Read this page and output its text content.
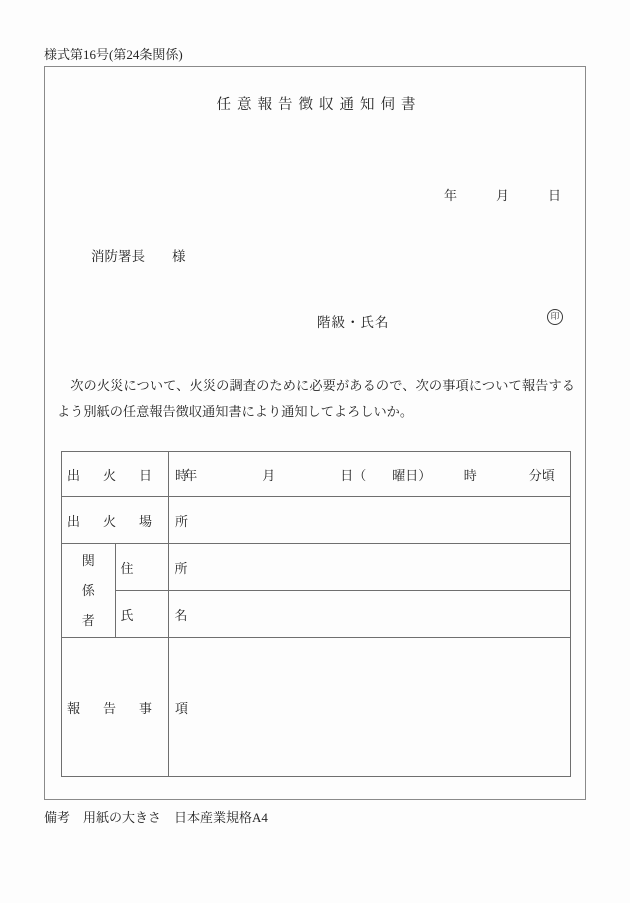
様式第16号(第24条関係)
任意報告徴収通知伺書
年　　　月　　　日
消防署長　　様
階級・氏名	印

次の火災について、火災の調査のために必要があるので、次の事項について報告するよう別紙の任意報告徴収通知書により通知してよろしいか。

出　火　日　時		年　　　　　月　　　　　日（　　曜日）　　　時　　　　分頃
出　火　場　所		

関
係
者	住　　所	
	氏　　名	
報　告　事　項		
備考　用紙の大きさ　日本産業規格A4
